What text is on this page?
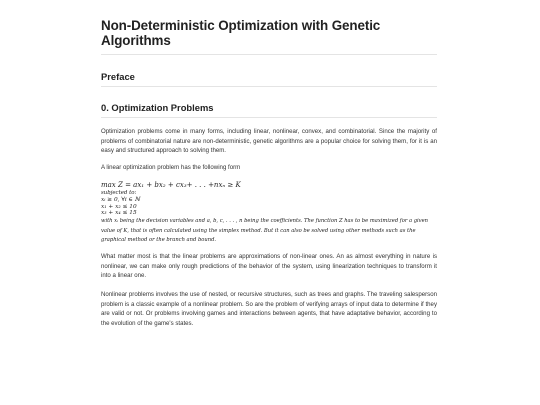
Non-Deterministic Optimization with Genetic Algorithms
Preface
0. Optimization Problems

Optimization problems come in many forms, including linear, nonlinear, convex, and combinatorial. Since the majority of problems of combinatorial nature are non-deterministic, genetic algorithms are a popular choice for solving them, for it is an easy and structured approach to solving them.

A linear optimization problem has the following form

max Z = ax₁ + bx₂ + cx₃+ . . . +nxₙ ≥ K
subjected to:
xᵢ ≥ 0, ∀i ∈ ℕ
x₁ + x₂ ≤ 10
x₃ + x₄ ≤ 15
with xᵢ being the decision variables and a, b, c, . . . , n being the coefficients. The function Z has to be maximized for a given value of K, that is often calculated using the simplex method. But it can also be solved using other methods such as the graphical method or the branch and bound.

What matter most is that the linear problems are approximations of non-linear ones. An as almost everything in nature is nonlinear, we can make only rough predictions of the behavior of the system, using linearization techniques to transform it into a linear one.

Nonlinear problems involves the use of nested, or recursive structures, such as trees and graphs. The traveling salesperson problem is a classic example of a nonlinear problem. So are the problem of verifying arrays of input data to determine if they are valid or not. Or problems involving games and interactions between agents, that have adaptative behavior, according to the evolution of the game's states.
